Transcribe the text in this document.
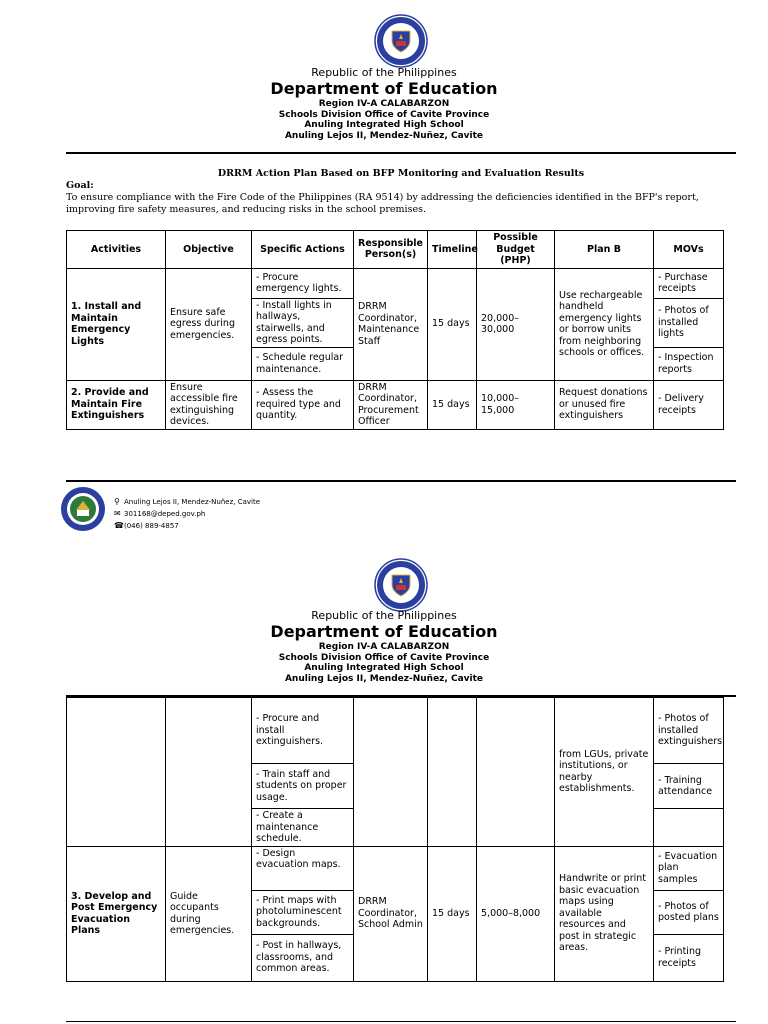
Republic of the Philippines
Department of Education
Region IV-A CALABARZON
Schools Division Office of Cavite Province
Anuling Integrated High School
Anuling Lejos II, Mendez-Nuñez, Cavite
DRRM Action Plan Based on BFP Monitoring and Evaluation Results
Goal:
To ensure compliance with the Fire Code of the Philippines (RA 9514) by addressing the deficiencies identified in the BFP's report, improving fire safety measures, and reducing risks in the school premises.
Activities	Objective	Specific Actions	Responsible Person(s)	Timeline	Possible Budget (PHP)	Plan B	MOVs
1. Install and Maintain Emergency Lights	Ensure safe egress during emergencies.	- Procure emergency lights.	DRRM Coordinator, Maintenance Staff	15 days	20,000–30,000	Use rechargeable handheld emergency lights or borrow units from neighboring schools or offices.	- Purchase receipts
		- Install lights in hallways, stairwells, and egress points.					- Photos of installed lights
		- Schedule regular maintenance.					- Inspection reports
2. Provide and Maintain Fire Extinguishers	Ensure accessible fire extinguishing devices.	- Assess the required type and quantity.	DRRM Coordinator, Procurement Officer	15 days	10,000–15,000	Request donations or unused fire extinguishers	- Delivery receipts
⚲ Anuling Lejos II, Mendez-Nuñez, Cavite
✉ 301168@deped.gov.ph
☎(046) 889-4857
Republic of the Philippines
Department of Education
Region IV-A CALABARZON
Schools Division Office of Cavite Province
Anuling Integrated High School
Anuling Lejos II, Mendez-Nuñez, Cavite
		- Procure and install extinguishers.				from LGUs, private institutions, or nearby establishments.	- Photos of installed extinguishers
		- Train staff and students on proper usage.					- Training attendance
		- Create a maintenance schedule.					
3. Develop and Post Emergency Evacuation Plans	Guide occupants during emergencies.	- Design evacuation maps.	DRRM Coordinator, School Admin	15 days	5,000–8,000	Handwrite or print basic evacuation maps using available resources and post in strategic areas.	- Evacuation plan samples
		- Print maps with photoluminescent backgrounds.					- Photos of posted plans
		- Post in hallways, classrooms, and common areas.					- Printing receipts
